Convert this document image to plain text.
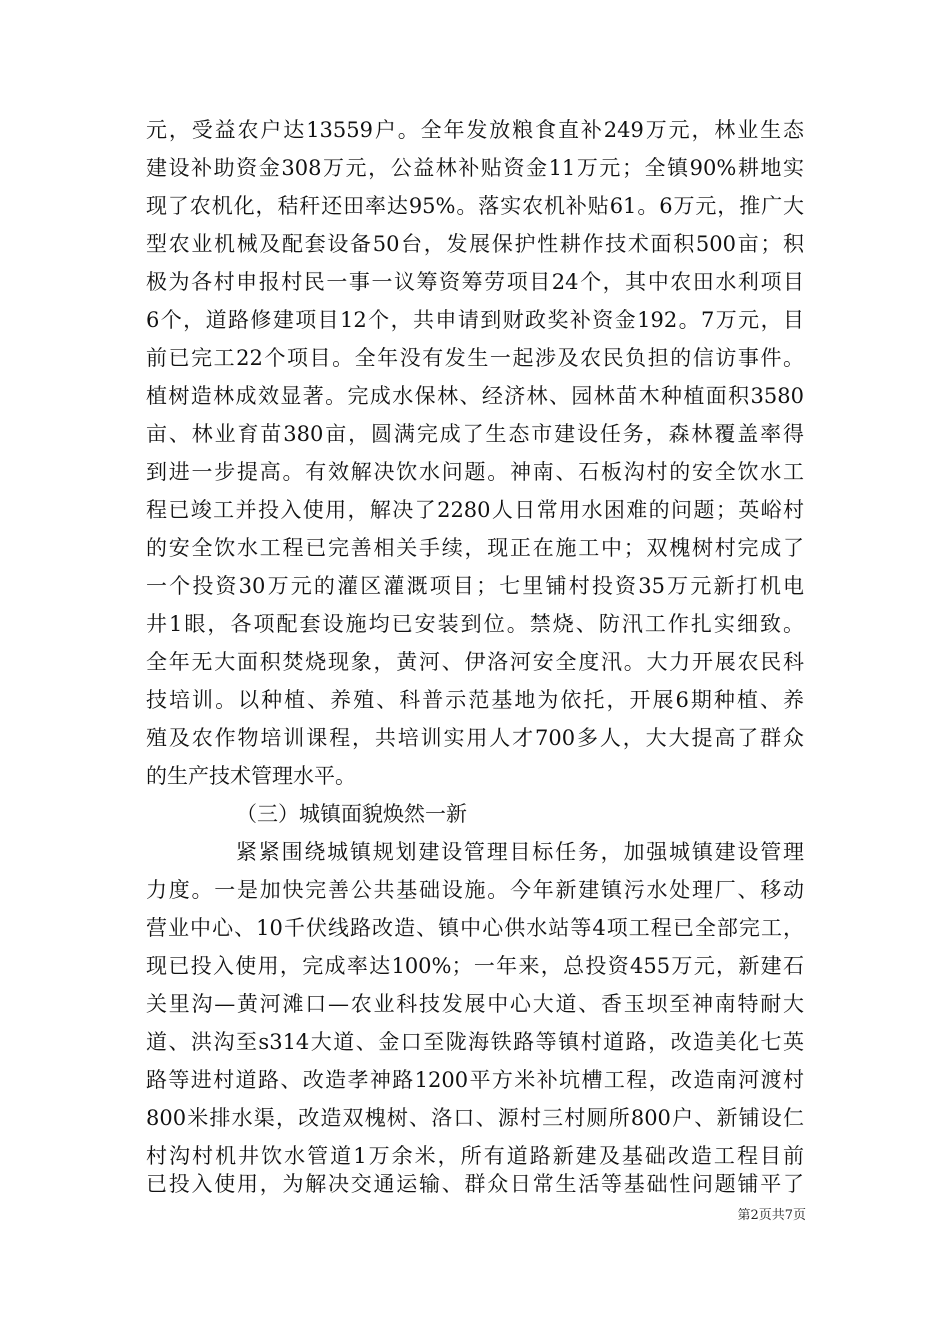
元，受益农户达13559户。全年发放粮食直补249万元，林业生态
建设补助资金308万元，公益林补贴资金11万元；全镇90%耕地实
现了农机化，秸秆还田率达95%。落实农机补贴61。6万元，推广大
型农业机械及配套设备50台，发展保护性耕作技术面积500亩；积
极为各村申报村民一事一议筹资筹劳项目24个，其中农田水利项目
6个，道路修建项目12个，共申请到财政奖补资金192。7万元，目
前已完工22个项目。全年没有发生一起涉及农民负担的信访事件。
植树造林成效显著。完成水保林、经济林、园林苗木种植面积3580
亩、林业育苗380亩，圆满完成了生态市建设任务，森林覆盖率得
到进一步提高。有效解决饮水问题。神南、石板沟村的安全饮水工
程已竣工并投入使用，解决了2280人日常用水困难的问题；英峪村
的安全饮水工程已完善相关手续，现正在施工中；双槐树村完成了
一个投资30万元的灌区灌溉项目；七里铺村投资35万元新打机电
井1眼，各项配套设施均已安装到位。禁烧、防汛工作扎实细致。
全年无大面积焚烧现象，黄河、伊洛河安全度汛。大力开展农民科
技培训。以种植、养殖、科普示范基地为依托，开展6期种植、养
殖及农作物培训课程，共培训实用人才700多人，大大提高了群众
的生产技术管理水平。
（三）城镇面貌焕然一新
紧紧围绕城镇规划建设管理目标任务，加强城镇建设管理
力度。一是加快完善公共基础设施。今年新建镇污水处理厂、移动
营业中心、10千伏线路改造、镇中心供水站等4项工程已全部完工，
现已投入使用，完成率达100%；一年来，总投资455万元，新建石
关里沟—黄河滩口—农业科技发展中心大道、香玉坝至神南特耐大
道、洪沟至s314大道、金口至陇海铁路等镇村道路，改造美化七英
路等进村道路、改造孝神路1200平方米补坑槽工程，改造南河渡村
800米排水渠，改造双槐树、洛口、源村三村厕所800户、新铺设仁
村沟村机井饮水管道1万余米，所有道路新建及基础改造工程目前
已投入使用，为解决交通运输、群众日常生活等基础性问题铺平了
第2页共7页
